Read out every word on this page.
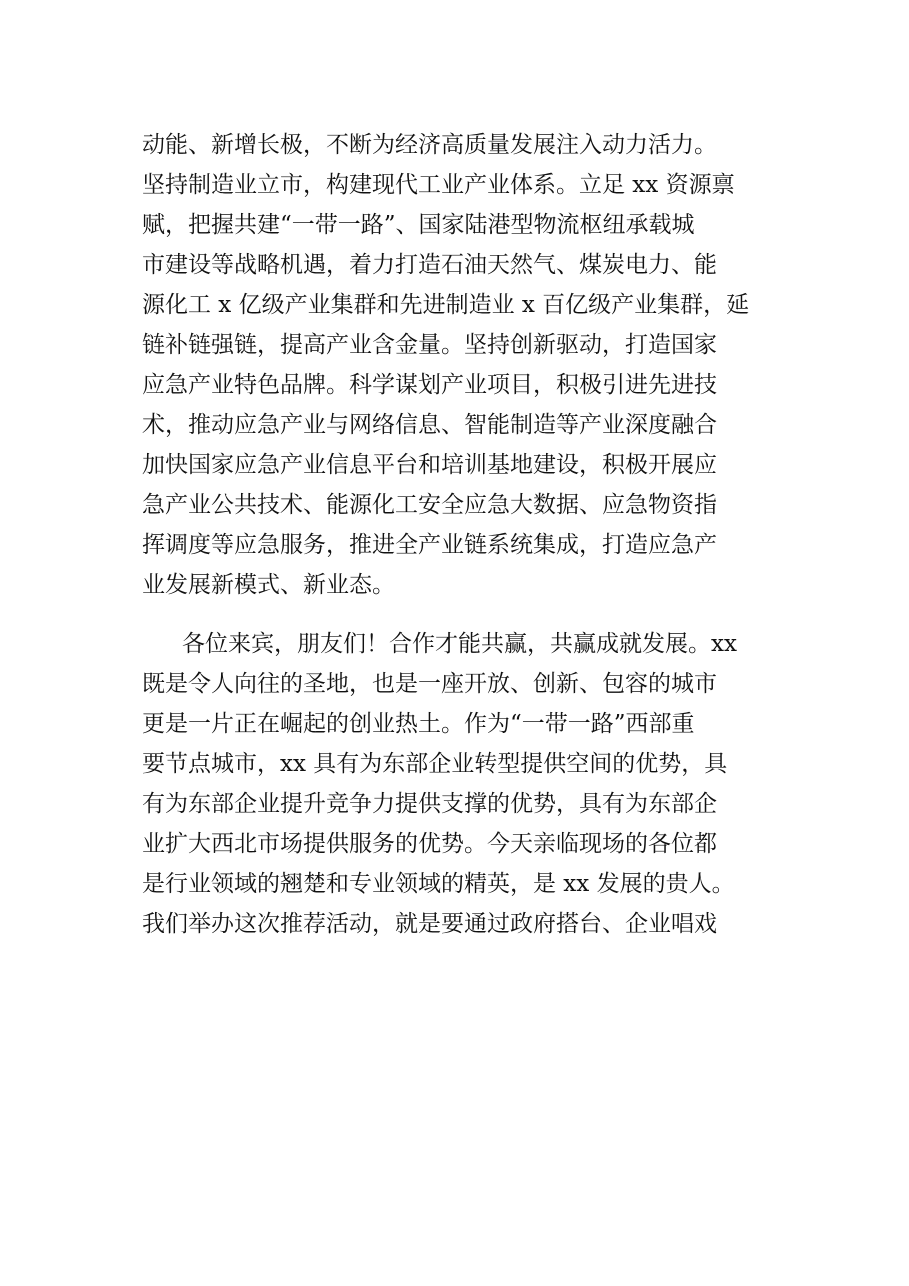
动能、新增长极，不断为经济高质量发展注入动力活力。
坚持制造业立市，构建现代工业产业体系。立足 xx 资源禀
赋，把握共建“一带一路”、国家陆港型物流枢纽承载城
市建设等战略机遇，着力打造石油天然气、煤炭电力、能
源化工 x 亿级产业集群和先进制造业 x 百亿级产业集群，延
链补链强链，提高产业含金量。坚持创新驱动，打造国家
应急产业特色品牌。科学谋划产业项目，积极引进先进技
术，推动应急产业与网络信息、智能制造等产业深度融合
加快国家应急产业信息平台和培训基地建设，积极开展应
急产业公共技术、能源化工安全应急大数据、应急物资指
挥调度等应急服务，推进全产业链系统集成，打造应急产
业发展新模式、新业态。
各位来宾，朋友们！合作才能共赢，共赢成就发展。xx
既是令人向往的圣地，也是一座开放、创新、包容的城市
更是一片正在崛起的创业热土。作为“一带一路”西部重
要节点城市，xx 具有为东部企业转型提供空间的优势，具
有为东部企业提升竞争力提供支撑的优势，具有为东部企
业扩大西北市场提供服务的优势。今天亲临现场的各位都
是行业领域的翘楚和专业领域的精英，是 xx 发展的贵人。
我们举办这次推荐活动，就是要通过政府搭台、企业唱戏
